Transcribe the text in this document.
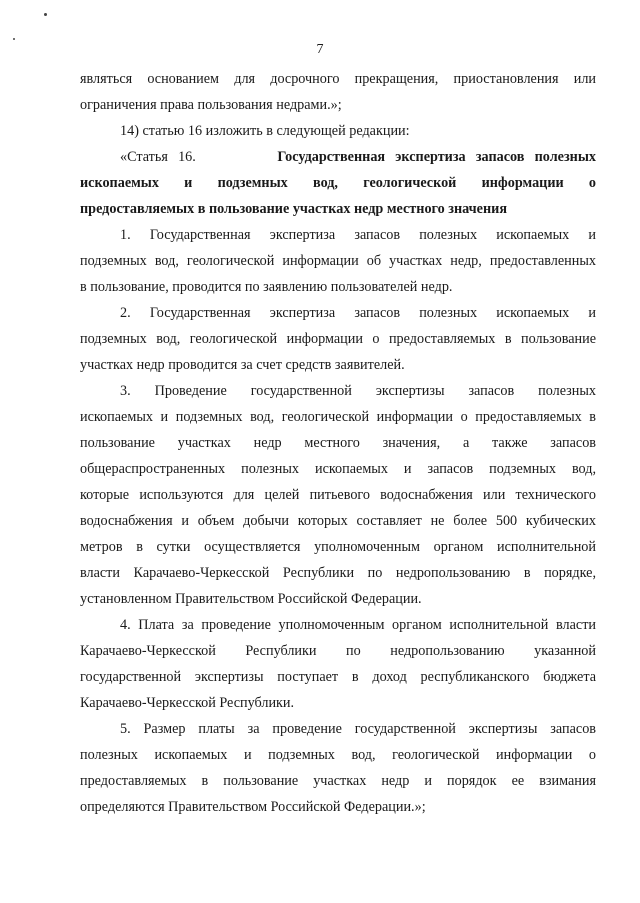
7

являться основанием для досрочного прекращения, приостановления или
ограничения права пользования недрами.»;

14) статью 16 изложить в следующей редакции:

«Статья 16.	Государственная экспертиза запасов полезных
ископаемых и подземных вод, геологической информации о
предоставляемых в пользование участках недр местного значения

1. Государственная экспертиза запасов полезных ископаемых и
подземных вод, геологической информации об участках недр, предоставленных
в пользование, проводится по заявлению пользователей недр.

2. Государственная экспертиза запасов полезных ископаемых и
подземных вод, геологической информации о предоставляемых в пользование
участках недр проводится за счет средств заявителей.

3. Проведение государственной экспертизы запасов полезных
ископаемых и подземных вод, геологической информации о предоставляемых в
пользование участках недр местного значения, а также запасов
общераспространенных полезных ископаемых и запасов подземных вод,
которые используются для целей питьевого водоснабжения или технического
водоснабжения и объем добычи которых составляет не более 500 кубических
метров в сутки осуществляется уполномоченным органом исполнительной
власти Карачаево-Черкесской Республики по недропользованию в порядке,
установленном Правительством Российской Федерации.

4. Плата за проведение уполномоченным органом исполнительной власти
Карачаево-Черкесской Республики по недропользованию указанной
государственной экспертизы поступает в доход республиканского бюджета
Карачаево-Черкесской Республики.

5. Размер платы за проведение государственной экспертизы запасов
полезных ископаемых и подземных вод, геологической информации о
предоставляемых в пользование участках недр и порядок ее взимания
определяются Правительством Российской Федерации.»;
